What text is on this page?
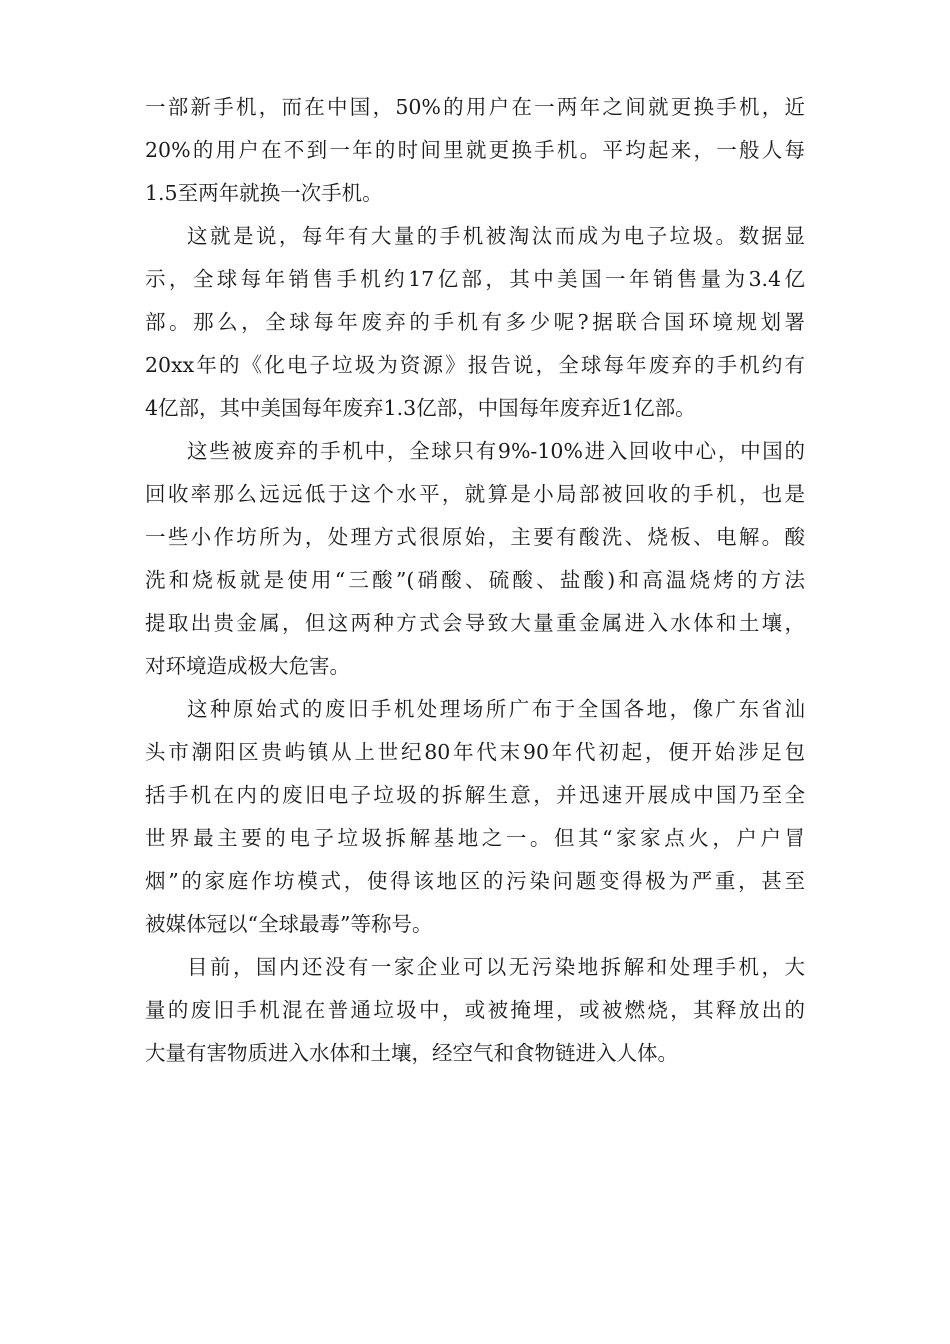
一部新手机，而在中国，50%的用户在一两年之间就更换手机，近
20%的用户在不到一年的时间里就更换手机。平均起来，一般人每
1.5至两年就换一次手机。
这就是说，每年有大量的手机被淘汰而成为电子垃圾。数据显
示，全球每年销售手机约17亿部，其中美国一年销售量为3.4亿
部。那么，全球每年废弃的手机有多少呢?据联合国环境规划署
20xx年的《化电子垃圾为资源》报告说，全球每年废弃的手机约有
4亿部，其中美国每年废弃1.3亿部，中国每年废弃近1亿部。
这些被废弃的手机中，全球只有9%-10%进入回收中心，中国的
回收率那么远远低于这个水平，就算是小局部被回收的手机，也是
一些小作坊所为，处理方式很原始，主要有酸洗、烧板、电解。酸
洗和烧板就是使用“三酸”(硝酸、硫酸、盐酸)和高温烧烤的方法
提取出贵金属，但这两种方式会导致大量重金属进入水体和土壤，
对环境造成极大危害。
这种原始式的废旧手机处理场所广布于全国各地，像广东省汕
头市潮阳区贵屿镇从上世纪80年代末90年代初起，便开始涉足包
括手机在内的废旧电子垃圾的拆解生意，并迅速开展成中国乃至全
世界最主要的电子垃圾拆解基地之一。但其“家家点火，户户冒
烟”的家庭作坊模式，使得该地区的污染问题变得极为严重，甚至
被媒体冠以“全球最毒”等称号。
目前，国内还没有一家企业可以无污染地拆解和处理手机，大
量的废旧手机混在普通垃圾中，或被掩埋，或被燃烧，其释放出的
大量有害物质进入水体和土壤，经空气和食物链进入人体。
